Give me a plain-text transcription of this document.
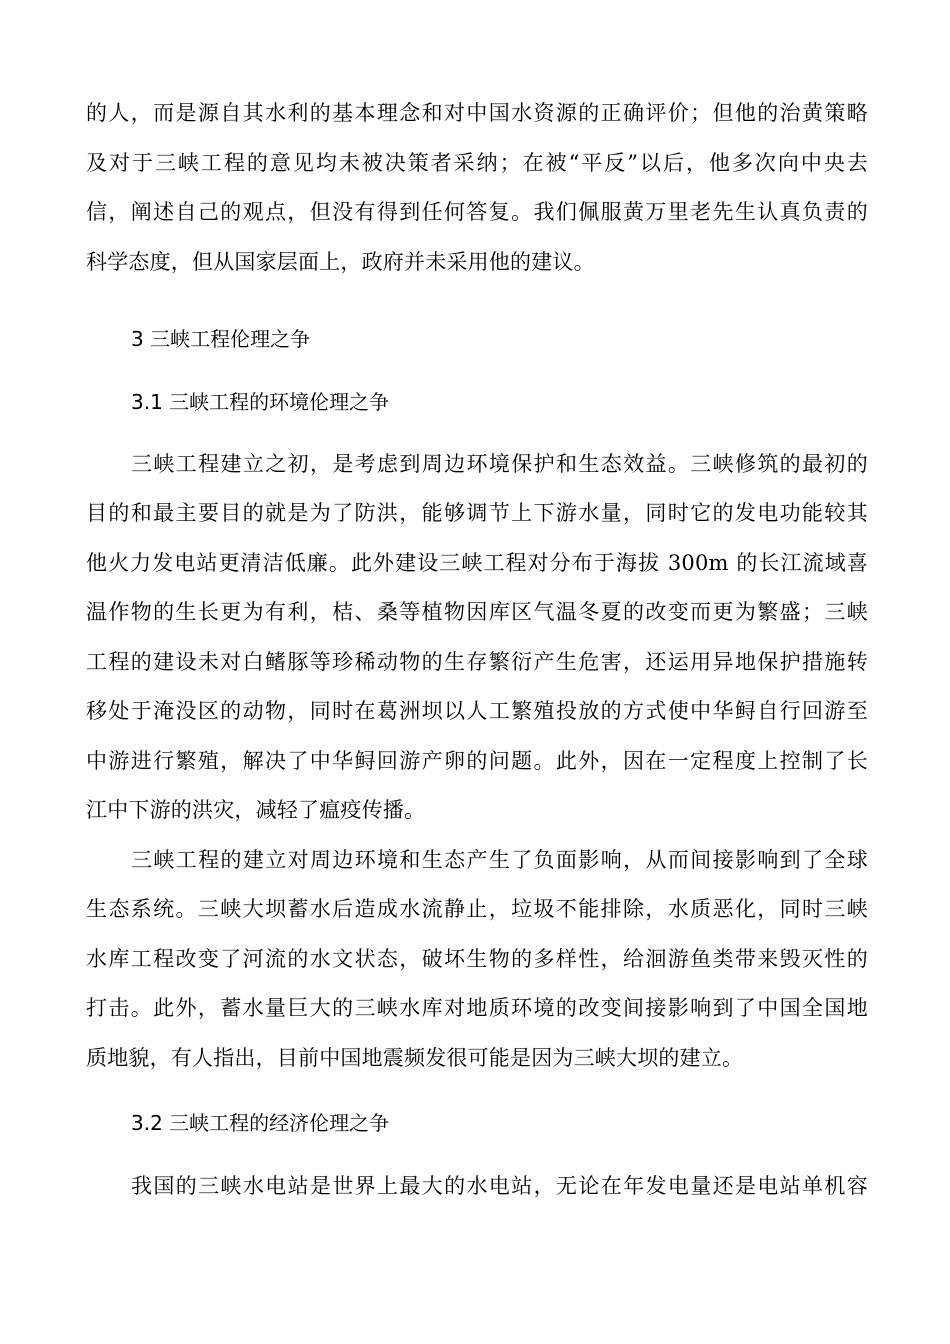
的人，而是源自其水利的基本理念和对中国水资源的正确评价；但他的治黄策略
及对于三峡工程的意见均未被决策者采纳；在被“平反”以后，他多次向中央去
信，阐述自己的观点，但没有得到任何答复。我们佩服黄万里老先生认真负责的
科学态度，但从国家层面上，政府并未采用他的建议。
3 三峡工程伦理之争
3.1 三峡工程的环境伦理之争
三峡工程建立之初，是考虑到周边环境保护和生态效益。三峡修筑的最初的
目的和最主要目的就是为了防洪，能够调节上下游水量，同时它的发电功能较其
他火力发电站更清洁低廉。此外建设三峡工程对分布于海拔 300m 的长江流域喜
温作物的生长更为有利，桔、桑等植物因库区气温冬夏的改变而更为繁盛；三峡
工程的建设未对白鳍豚等珍稀动物的生存繁衍产生危害，还运用异地保护措施转
移处于淹没区的动物，同时在葛洲坝以人工繁殖投放的方式使中华鲟自行回游至
中游进行繁殖，解决了中华鲟回游产卵的问题。此外，因在一定程度上控制了长
江中下游的洪灾，减轻了瘟疫传播。
三峡工程的建立对周边环境和生态产生了负面影响，从而间接影响到了全球
生态系统。三峡大坝蓄水后造成水流静止，垃圾不能排除，水质恶化，同时三峡
水库工程改变了河流的水文状态，破坏生物的多样性，给洄游鱼类带来毁灭性的
打击。此外，蓄水量巨大的三峡水库对地质环境的改变间接影响到了中国全国地
质地貌，有人指出，目前中国地震频发很可能是因为三峡大坝的建立。
3.2 三峡工程的经济伦理之争
我国的三峡水电站是世界上最大的水电站，无论在年发电量还是电站单机容
